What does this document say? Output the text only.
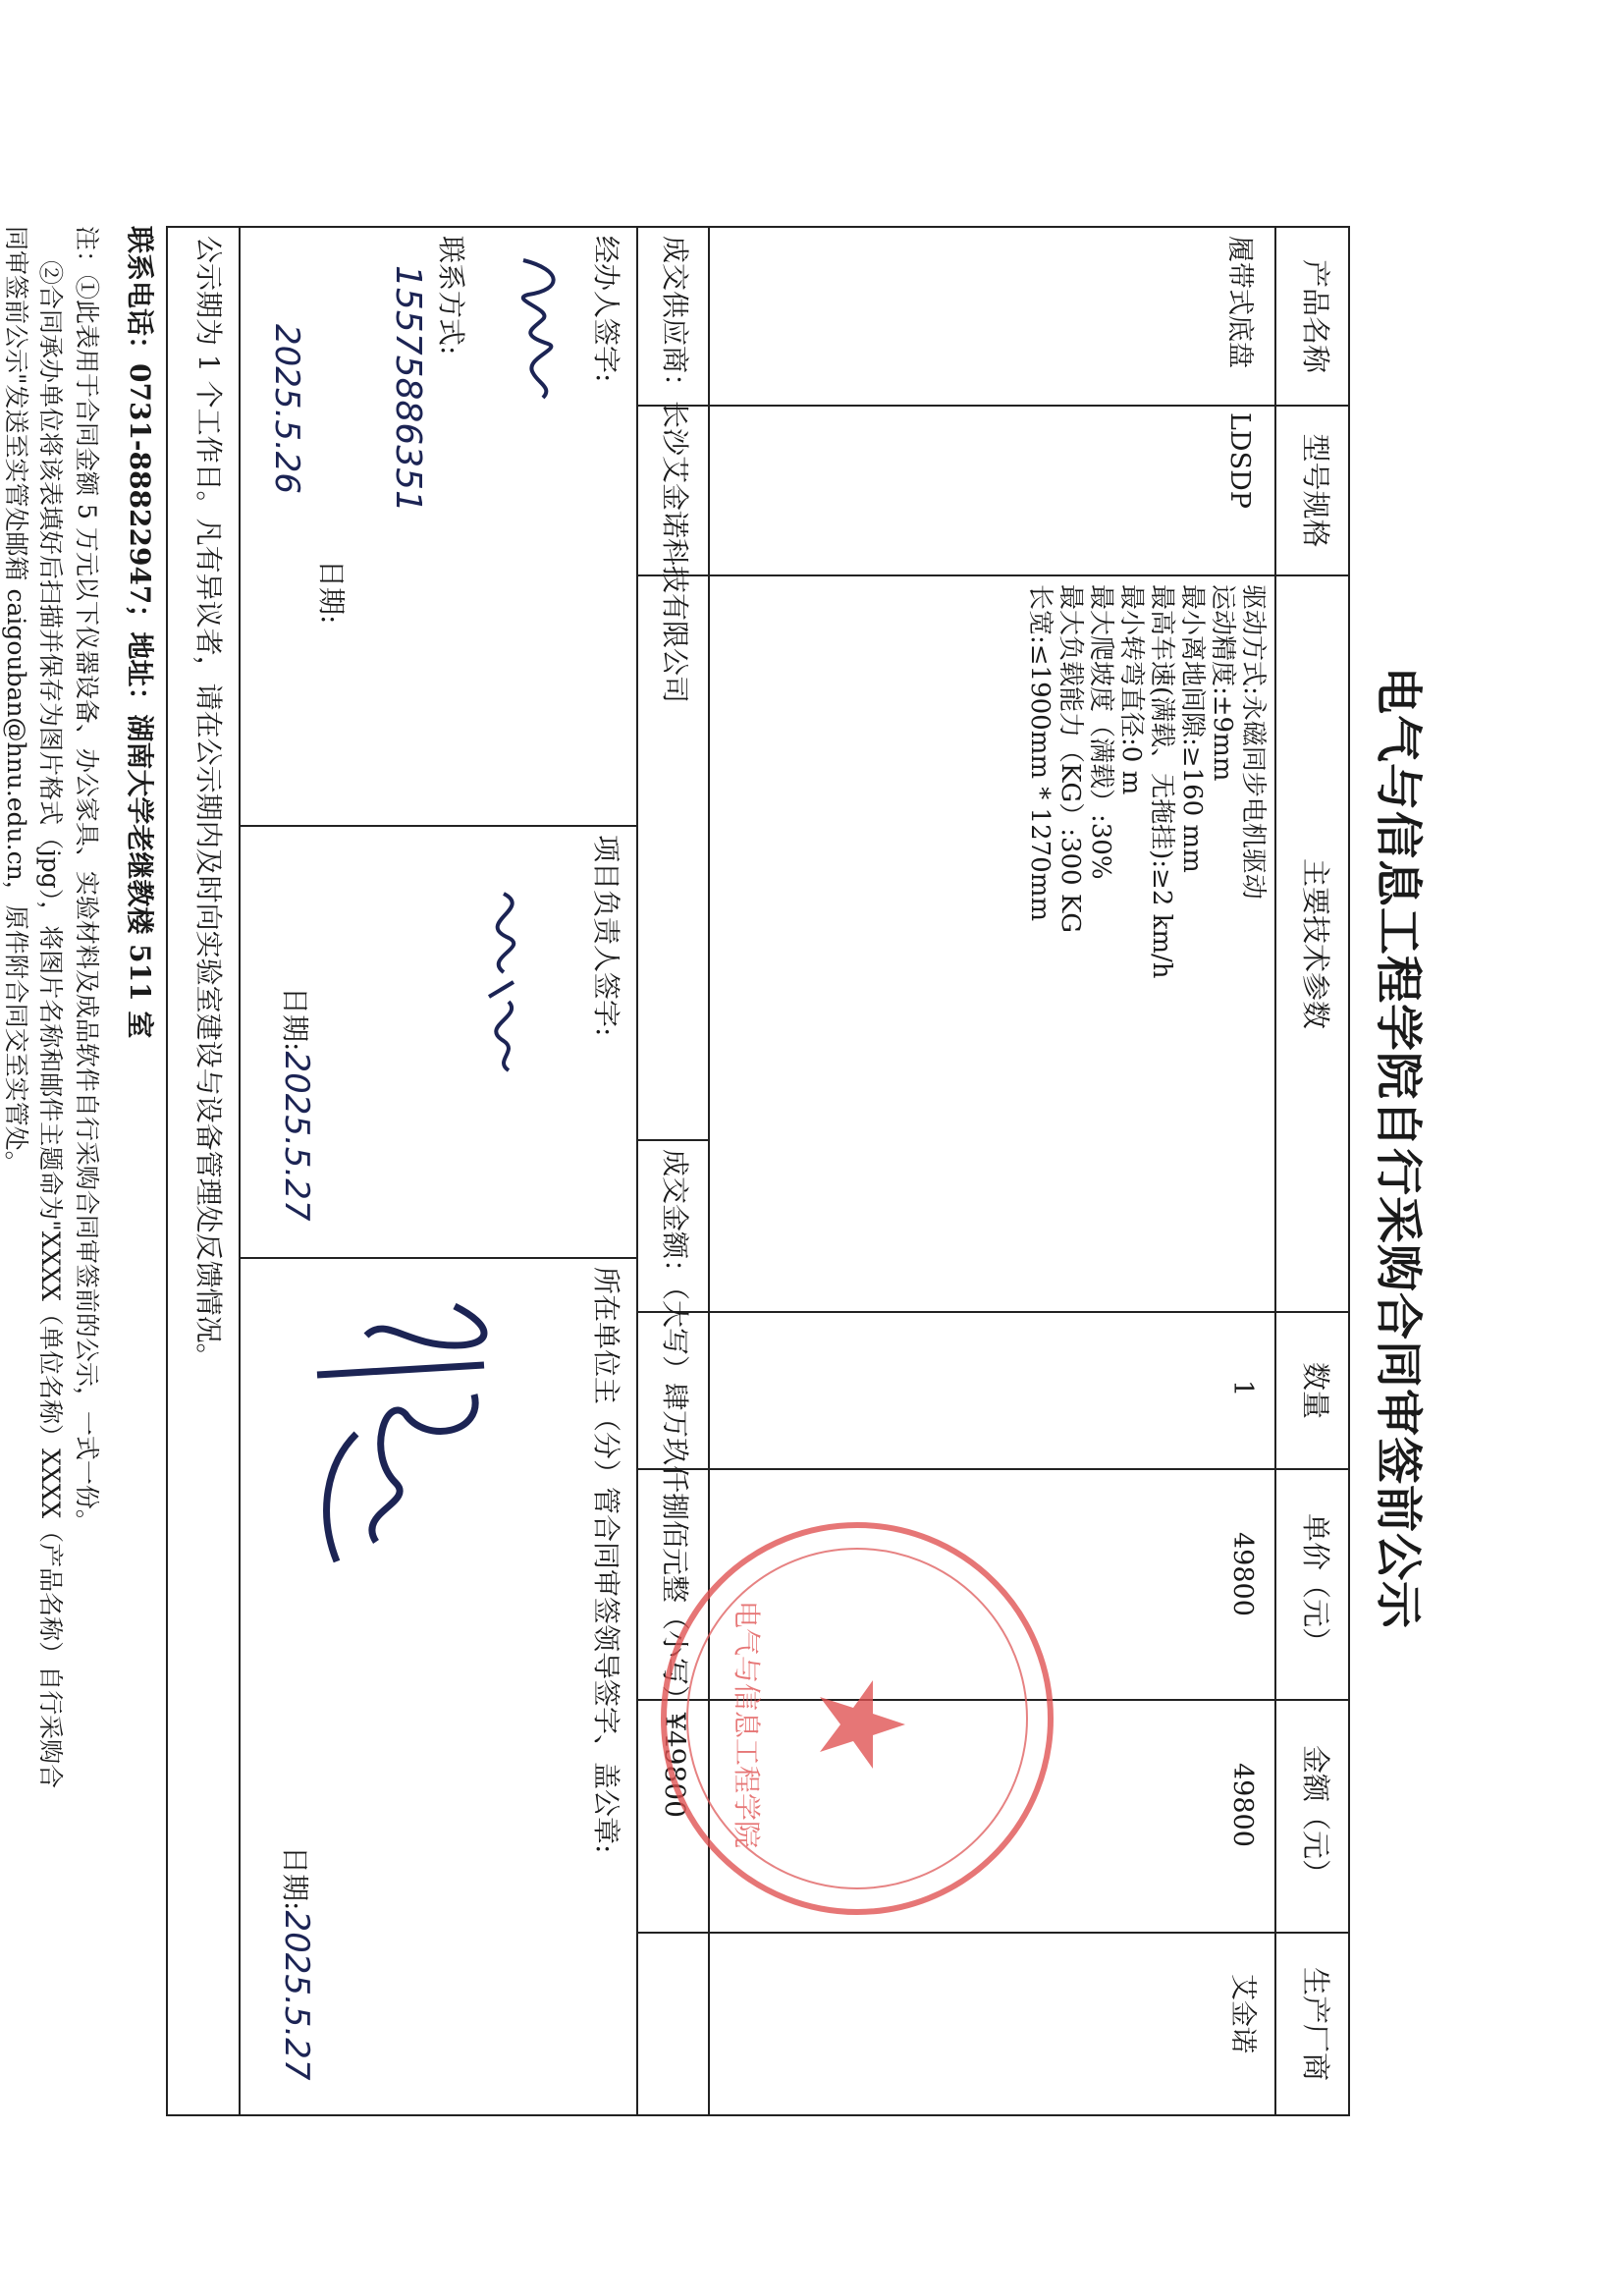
电气与信息工程学院自行采购合同审签前公示
产品名称
型号规格
主要技术参数
数量
单价（元）
金额（元）
生产厂商
履带式底盘
LDSDP
驱动方式:永磁同步电机驱动
运动精度:±9mm
最小离地间隙:≥160 mm
最高车速(满载、无拖挂):≥2 km/h
最小转弯直径:0 m
最大爬坡度（满载）:30%
最大负载能力（KG）:300 KG
长宽:≤1900mm * 1270mm
1
49800
49800
艾金诺
成交供应商：长沙艾金诺科技有限公司
成交金额：（大写）肆万玖仟捌佰元整（小写）¥49800
经办人签字:
联系方式:
15575886351
日期:
2025.5.26
项目负责人签字:
日期:2025.5.27
所在单位主（分）管合同审签领导签字、盖公章:	电气与信息工程学院
日期:2025.5.27
公示期为 1 个工作日。凡有异议者，请在公示期内及时向实验室建设与设备管理处反馈情况。
联系电话：0731-88822947；地址：湖南大学老继教楼 511 室
注：①此表用于合同金额 5 万元以下仪器设备、办公家具、实验材料及成品软件自行采购合同审签前的公示，一式一份。
②合同承办单位将该表填好后扫描并保存为图片格式（jpg），将图片名称和邮件主题命为"XXXX（单位名称）XXXX（产品名称）自行采购合
同审签前公示"发送至实管处邮箱 caigouban@hnu.edu.cn，原件附合同交至实管处。
